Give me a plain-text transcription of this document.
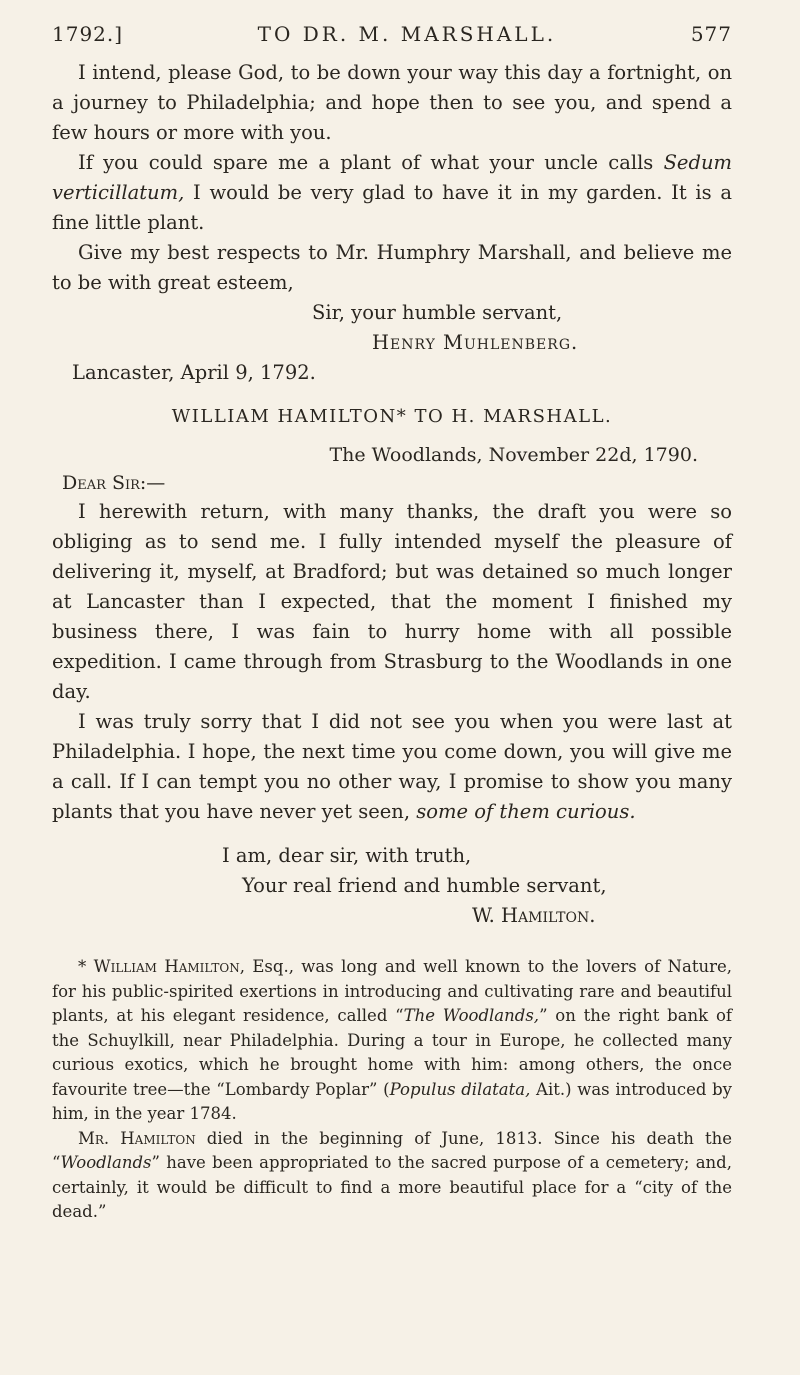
1792.]	TO DR. M. MARSHALL.	577

I intend, please God, to be down your way this day a fortnight, on a journey to Philadelphia; and hope then to see you, and spend a few hours or more with you.

If you could spare me a plant of what your uncle calls Sedum verticillatum, I would be very glad to have it in my garden. It is a fine little plant.

Give my best respects to Mr. Humphry Marshall, and believe me to be with great esteem,

Sir, your humble servant,
Henry Muhlenberg.
Lancaster, April 9, 1792.
WILLIAM HAMILTON* TO H. MARSHALL.
The Woodlands, November 22d, 1790.
Dear Sir:—

I herewith return, with many thanks, the draft you were so obliging as to send me. I fully intended myself the pleasure of delivering it, myself, at Bradford; but was detained so much longer at Lancaster than I expected, that the moment I finished my business there, I was fain to hurry home with all possible expedition. I came through from Strasburg to the Woodlands in one day.

I was truly sorry that I did not see you when you were last at Philadelphia. I hope, the next time you come down, you will give me a call. If I can tempt you no other way, I promise to show you many plants that you have never yet seen, some of them curious.

I am, dear sir, with truth,
Your real friend and humble servant,
W. Hamilton.

* William Hamilton, Esq., was long and well known to the lovers of Nature, for his public-spirited exertions in introducing and cultivating rare and beautiful plants, at his elegant residence, called “The Woodlands,” on the right bank of the Schuylkill, near Philadelphia. During a tour in Europe, he collected many curious exotics, which he brought home with him: among others, the once favourite tree—the “Lombardy Poplar” (Populus dilatata, Ait.) was introduced by him, in the year 1784.

Mr. Hamilton died in the beginning of June, 1813. Since his death the “Woodlands” have been appropriated to the sacred purpose of a cemetery; and, certainly, it would be difficult to find a more beautiful place for a “city of the dead.”
